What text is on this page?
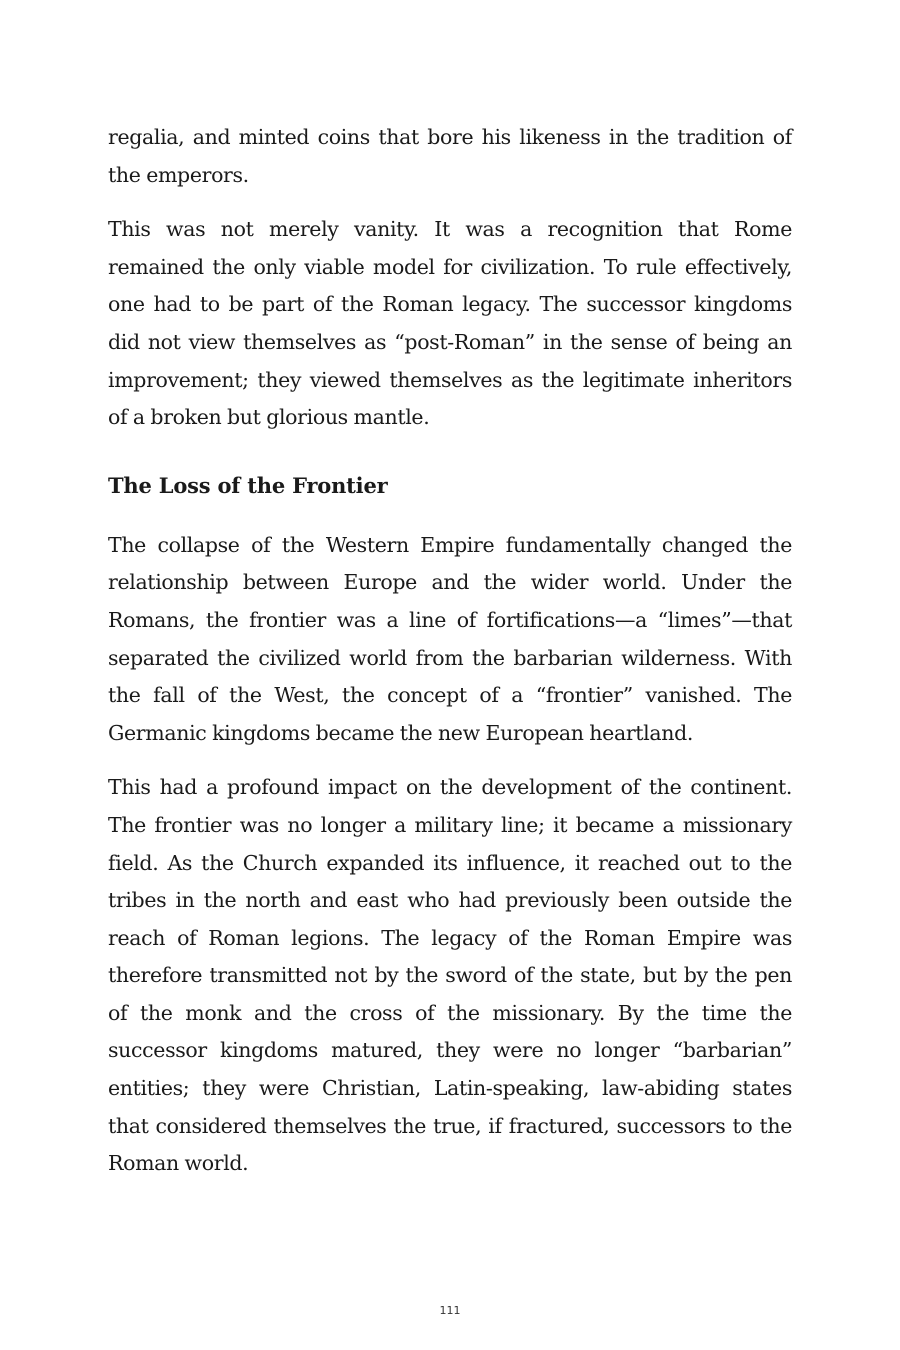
regalia, and minted coins that bore his likeness in the tradition of the emperors.

This was not merely vanity. It was a recognition that Rome remained the only viable model for civilization. To rule effectively, one had to be part of the Roman legacy. The successor kingdoms did not view themselves as “post-Roman” in the sense of being an improvement; they viewed themselves as the legitimate inheritors of a broken but glorious mantle.

The Loss of the Frontier

The collapse of the Western Empire fundamentally changed the relationship between Europe and the wider world. Under the Romans, the frontier was a line of fortifications—a “limes”—that separated the civilized world from the barbarian wilderness. With the fall of the West, the concept of a “frontier” vanished. The Germanic kingdoms became the new European heartland.

This had a profound impact on the development of the continent. The frontier was no longer a military line; it became a missionary field. As the Church expanded its influence, it reached out to the tribes in the north and east who had previously been outside the reach of Roman legions. The legacy of the Roman Empire was therefore transmitted not by the sword of the state, but by the pen of the monk and the cross of the missionary. By the time the successor kingdoms matured, they were no longer “barbarian” entities; they were Christian, Latin-speaking, law-abiding states that considered themselves the true, if fractured, successors to the Roman world.

111
